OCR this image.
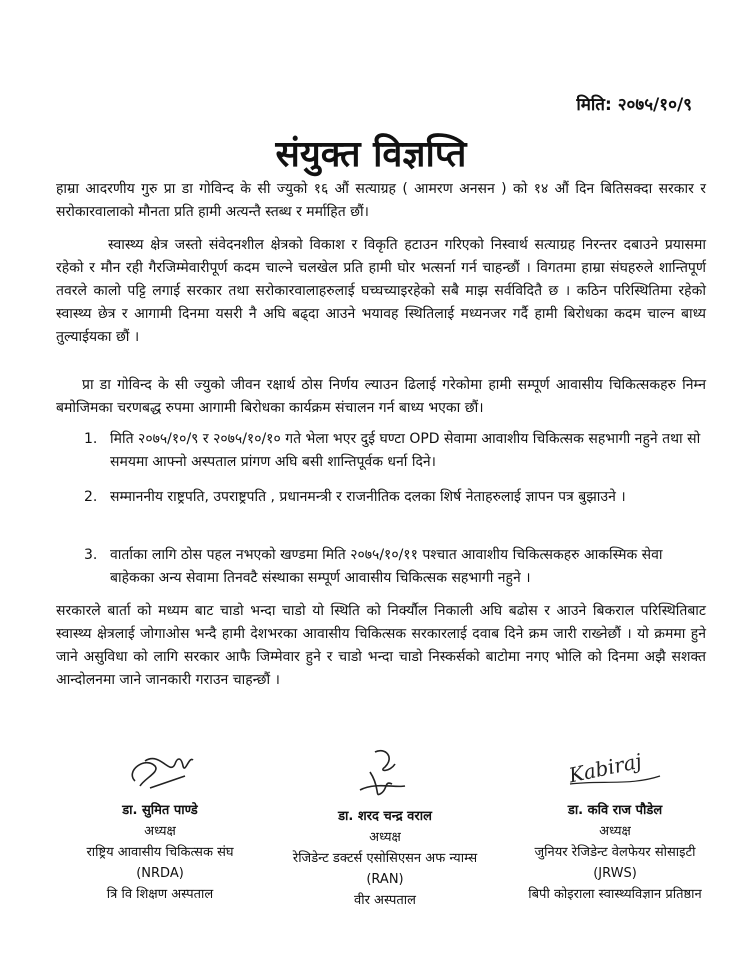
मिति: २०७५/१०/९
संयुक्त विज्ञप्ति
हाम्रा आदरणीय गुरु प्रा डा गोविन्द के सी ज्युको १६ औं सत्याग्रह ( आमरण अनसन ) को १४ औं दिन बितिसक्दा सरकार र सरोकारवालाको मौनता प्रति हामी अत्यन्तै स्तब्ध र मर्माहित छौं।
स्वास्थ्य क्षेत्र जस्तो संवेदनशील क्षेत्रको विकाश र विकृति हटाउन गरिएको निस्वार्थ सत्याग्रह निरन्तर दबाउने प्रयासमा रहेको र मौन रही गैरजिम्मेवारीपूर्ण कदम चाल्ने चलखेल प्रति हामी घोर भत्सर्ना गर्न चाहन्छौं । विगतमा हाम्रा संघहरुले शान्तिपूर्ण तवरले कालो पट्टि लगाई सरकार तथा सरोकारवालाहरुलाई घच्घच्याइरहेको सबै माझ सर्वविदितै छ । कठिन परिस्थितिमा रहेको स्वास्थ्य छेत्र र आगामी दिनमा यसरी नै अघि बढ्दा आउने भयावह स्थितिलाई मध्यनजर गर्दै हामी बिरोधका कदम चाल्न बाध्य तुल्याईयका छौं ।
प्रा डा गोविन्द के सी ज्युको जीवन रक्षार्थ ठोस निर्णय ल्याउन ढिलाई गरेकोमा हामी सम्पूर्ण आवासीय चिकित्सकहरु निम्न बमोजिमका चरणबद्ध रुपमा आगामी बिरोधका कार्यक्रम संचालन गर्न बाध्य भएका छौं।
1. मिति २०७५/१०/९ र २०७५/१०/१० गते भेला भएर दुई घण्टा OPD सेवामा आवाशीय चिकित्सक सहभागी नहुने तथा सो समयमा आफ्नो अस्पताल प्रांगण अघि बसी शान्तिपूर्वक धर्ना दिने।
2. सम्माननीय राष्ट्रपति, उपराष्ट्रपति , प्रधानमन्त्री र राजनीतिक दलका शिर्ष नेताहरुलाई ज्ञापन पत्र बुझाउने ।
3. वार्ताका लागि ठोस पहल नभएको खण्डमा मिति २०७५/१०/११ पश्चात आवाशीय चिकित्सकहरु आकस्मिक सेवा बाहेकका अन्य सेवामा तिनवटै संस्थाका सम्पूर्ण आवासीय चिकित्सक सहभागी नहुने ।
सरकारले बार्ता को मध्यम बाट चाडो भन्दा चाडो यो स्थिति को निर्क्यौल निकाली अघि बढोस र आउने बिकराल परिस्थितिबाट स्वास्थ्य क्षेत्रलाई जोगाओस भन्दै हामी देशभरका आवासीय चिकित्सक सरकारलाई दवाब दिने क्रम जारी राख्नेछौं । यो क्रममा हुने जाने असुविधा को लागि सरकार आफै जिम्मेवार हुने र चाडो भन्दा चाडो निस्कर्सको बाटोमा नगए भोलि को दिनमा अझै सशक्त आन्दोलनमा जाने जानकारी गराउन चाहन्छौं ।
डा. सुमित पाण्डे
अध्यक्ष
राष्ट्रिय आवासीय चिकित्सक संघ
(NRDA)
त्रि वि शिक्षण अस्पताल
डा. शरद चन्द्र वराल
अध्यक्ष
रेजिडेन्ट डक्टर्स एसोसिएसन अफ न्याम्स
(RAN)
वीर अस्पताल
Kabiraj
डा. कवि राज पौडेल
अध्यक्ष
जुनियर रेजिडेन्ट वेलफेयर सोसाइटी
(JRWS)
बिपी कोइराला स्वास्थ्यविज्ञान प्रतिष्ठान
